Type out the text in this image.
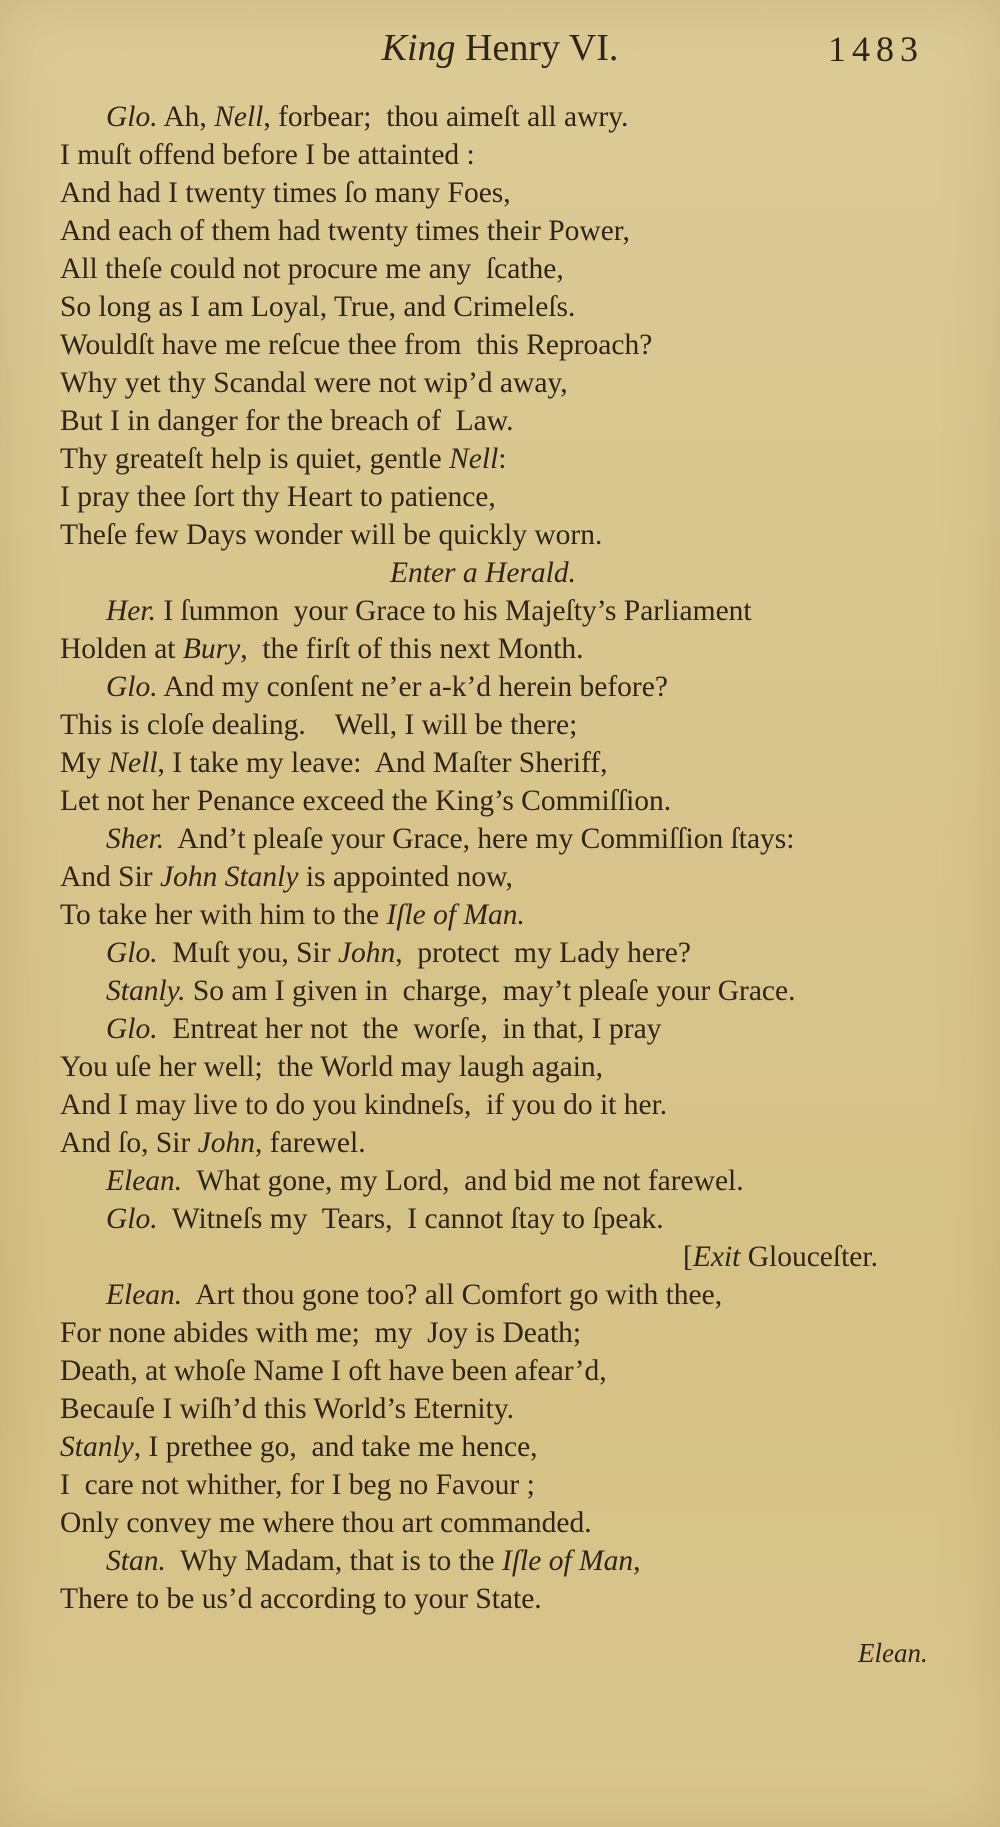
King Henry VI.	1483
Glo. Ah, Nell, forbear;  thou aimeſt all awry.
I muſt offend before I be attainted :
And had I twenty times ſo many Foes,
And each of them had twenty times their Power,
All theſe could not procure me any  ſcathe,
So long as I am Loyal, True, and Crimeleſs.
Wouldſt have me reſcue thee from  this Reproach?
Why yet thy Scandal were not wip’d away,
But I in danger for the breach of  Law.
Thy greateſt help is quiet, gentle Nell:
I pray thee ſort thy Heart to patience,
Theſe few Days wonder will be quickly worn.
Enter a Herald.
Her. I ſummon  your Grace to his Majeſty’s Parliament
Holden at Bury,  the firſt of this next Month.
Glo. And my conſent ne’er a‑k’d herein before?
This is cloſe dealing.    Well, I will be there;
My Nell, I take my leave:  And Maſter Sheriff,
Let not her Penance exceed the King’s Commiſſion.
Sher.  And’t pleaſe your Grace, here my Commiſſion ſtays:
And Sir John Stanly is appointed now,
To take her with him to the Iſle of Man.
Glo.  Muſt you, Sir John,  protect  my Lady here?
Stanly. So am I given in  charge,  may’t pleaſe your Grace.
Glo.  Entreat her not  the  worſe,  in that, I pray
You uſe her well;  the World may laugh again,
And I may live to do you kindneſs,  if you do it her.
And ſo, Sir John, farewel.
Elean.  What gone, my Lord,  and bid me not farewel.
Glo.  Witneſs my  Tears,  I cannot ſtay to ſpeak.
[Exit Glouceſter.
Elean.  Art thou gone too? all Comfort go with thee,
For none abides with me;  my  Joy is Death;
Death, at whoſe Name I oft have been afear’d,
Becauſe I wiſh’d this World’s Eternity.
Stanly, I prethee go,  and take me hence,
I  care not whither, for I beg no Favour ;
Only convey me where thou art commanded.
Stan.  Why Madam, that is to the Iſle of Man,
There to be us’d according to your State.
Elean.
